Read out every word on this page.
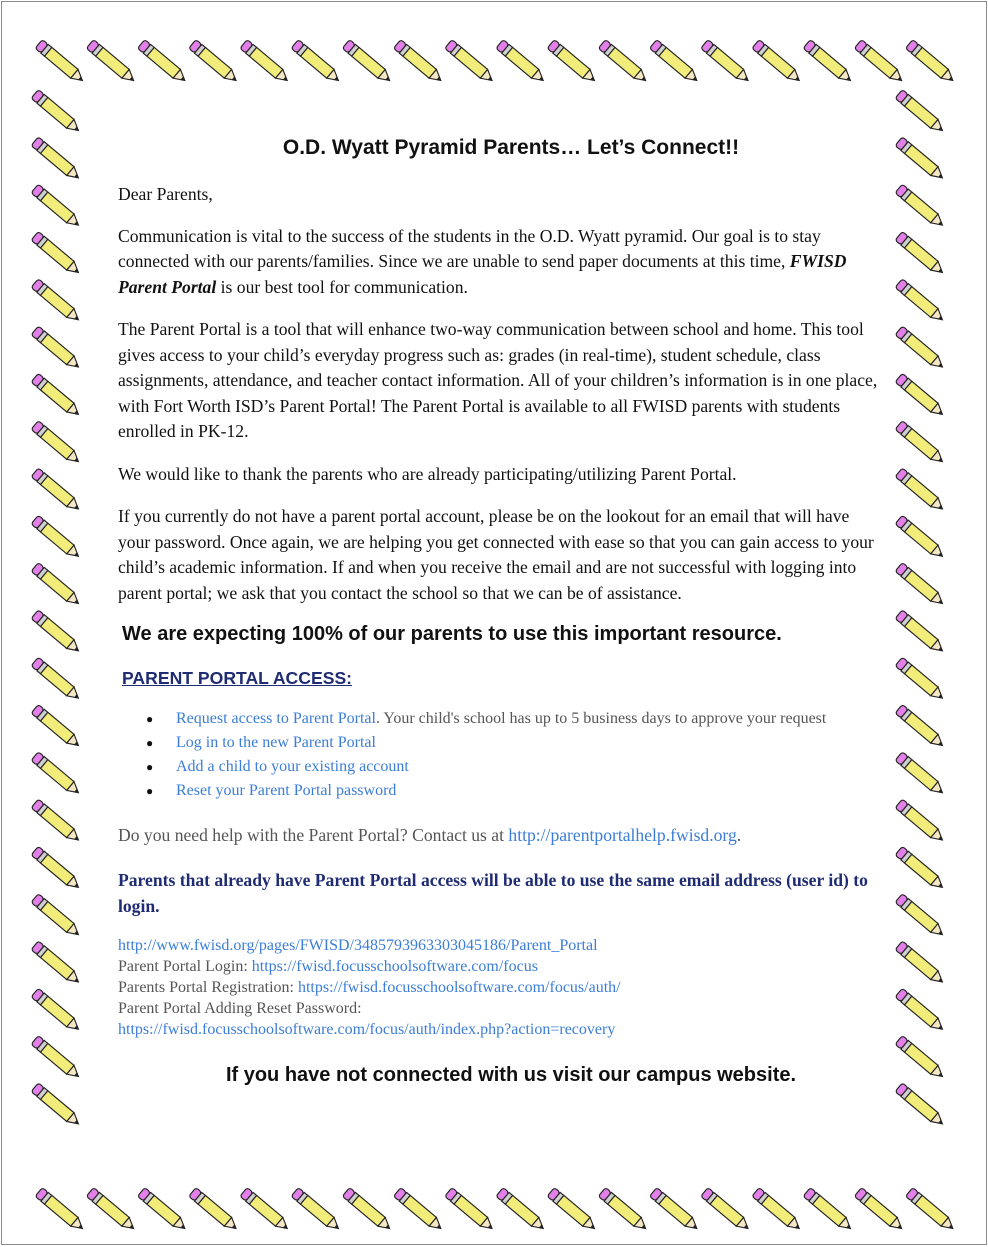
O.D. Wyatt Pyramid Parents… Let’s Connect!!

Dear Parents,

Communication is vital to the success of the students in the O.D. Wyatt pyramid. Our goal is to stay connected with our parents/families. Since we are unable to send paper documents at this time, FWISD Parent Portal is our best tool for communication.

The Parent Portal is a tool that will enhance two-way communication between school and home. This tool gives access to your child’s everyday progress such as: grades (in real-time), student schedule, class assignments, attendance, and teacher contact information. All of your children’s information is in one place, with Fort Worth ISD’s Parent Portal! The Parent Portal is available to all FWISD parents with students enrolled in PK-12.

We would like to thank the parents who are already participating/utilizing Parent Portal.

If you currently do not have a parent portal account, please be on the lookout for an email that will have your password. Once again, we are helping you get connected with ease so that you can gain access to your child’s academic information. If and when you receive the email and are not successful with logging into parent portal; we ask that you contact the school so that we can be of assistance.

We are expecting 100% of our parents to use this important resource.
PARENT PORTAL ACCESS:
● Request access to Parent Portal. Your child's school has up to 5 business days to approve your request
● Log in to the new Parent Portal
● Add a child to your existing account
● Reset your Parent Portal password

Do you need help with the Parent Portal? Contact us at http://parentportalhelp.fwisd.org.

Parents that already have Parent Portal access will be able to use the same email address (user id) to login.

http://www.fwisd.org/pages/FWISD/3485793963303045186/Parent_Portal
Parent Portal Login: https://fwisd.focusschoolsoftware.com/focus
Parents Portal Registration: https://fwisd.focusschoolsoftware.com/focus/auth/
Parent Portal Adding Reset Password:
https://fwisd.focusschoolsoftware.com/focus/auth/index.php?action=recovery
If you have not connected with us visit our campus website.
